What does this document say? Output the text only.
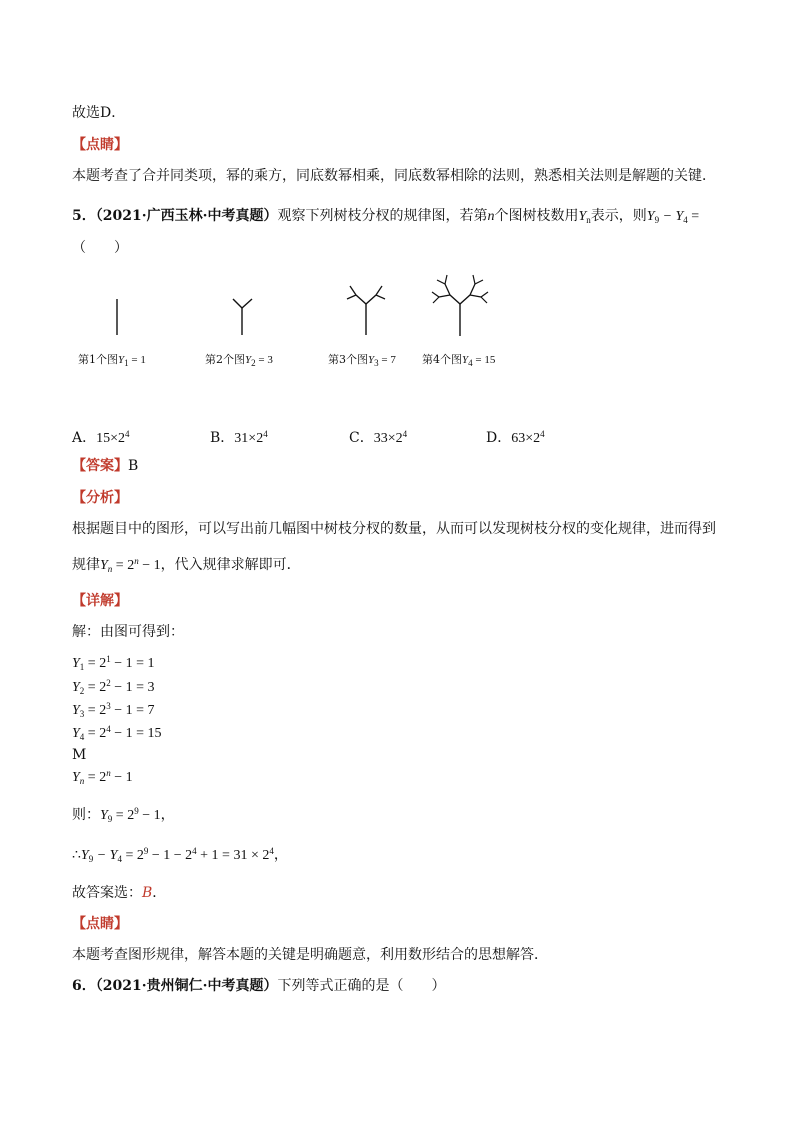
故选D．
【点睛】
本题考查了合并同类项，幂的乘方，同底数幂相乘，同底数幂相除的法则，熟悉相关法则是解题的关键．
5．（2021·广西玉林·中考真题）观察下列树枝分杈的规律图，若第n个图树枝数用$Y_n$表示，则$Y_9 - Y_4$ =
（　　）
第1个图$Y_1 = 1$	第2个图$Y_2 = 3$	第3个图$Y_3 = 7$ 第4个图$Y_4 = 15$
A．$15\times 2^4$	B．$31\times 2^4$	C．$33\times 2^4$	D．$63\times 2^4$
【答案】B
【分析】
根据题目中的图形，可以写出前几幅图中树枝分杈的数量，从而可以发现树枝分杈的变化规律，进而得到
规律$Y_n = 2^n - 1$，代入规律求解即可．
【详解】
解：由图可得到：
$Y_1 = 2^1 - 1 = 1$
$Y_2 = 2^2 - 1 = 3$
$Y_3 = 2^3 - 1 = 7$
$Y_4 = 2^4 - 1 = 15$
M
$Y_n = 2^n - 1$
则：$Y_9 = 2^9 - 1$，
$\therefore Y_9 - Y_4 = 2^9 - 1 - 2^4 + 1 = 31 \times 2^4$，
故答案选：B．
【点睛】
本题考查图形规律，解答本题的关键是明确题意，利用数形结合的思想解答．
6．（2021·贵州铜仁·中考真题）下列等式正确的是（　　）
